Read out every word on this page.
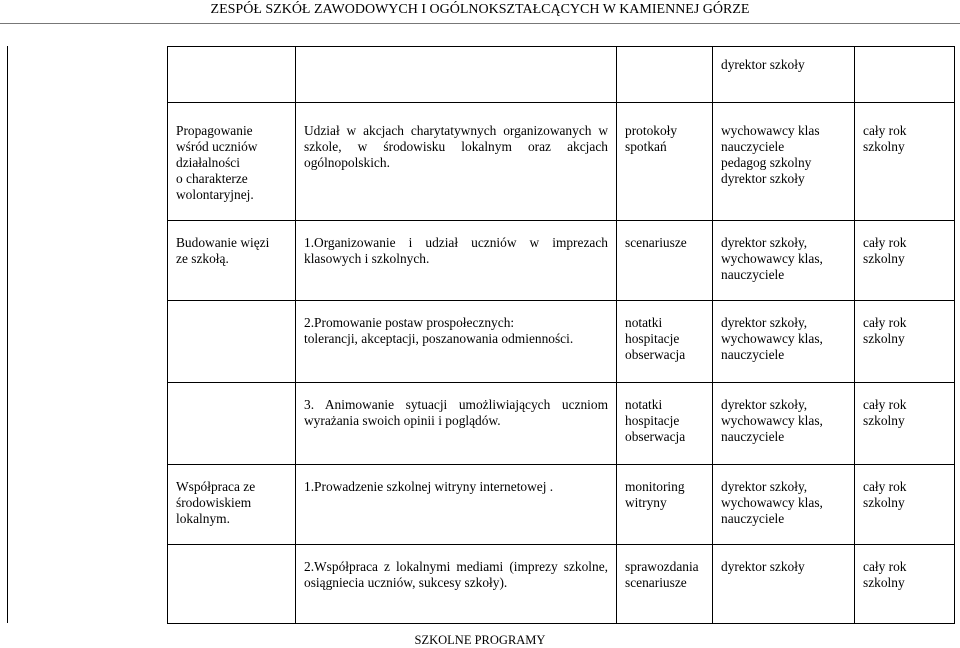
ZESPÓŁ SZKÓŁ ZAWODOWYCH I OGÓLNOKSZTAŁCĄCYCH W KAMIENNEJ GÓRZE

			dyrektor szkoły	

Propagowanie
wśród uczniów
działalności
o charakterze
wolontaryjnej.	Udział w akcjach charytatywnych organizowanych w szkole, w środowisku lokalnym oraz akcjach ogólnopolskich.	protokoły
spotkań	wychowawcy klas
nauczyciele
pedagog szkolny
dyrektor szkoły	cały rok
szkolny

Budowanie więzi
ze szkołą.	1.Organizowanie i udział uczniów w imprezach klasowych i szkolnych.	scenariusze	dyrektor szkoły,
wychowawcy klas,
nauczyciele	cały rok
szkolny

	2.Promowanie postaw prospołecznych:
tolerancji, akceptacji, poszanowania odmienności.	notatki
hospitacje
obserwacja	dyrektor szkoły,
wychowawcy klas,
nauczyciele	cały rok
szkolny

	3. Animowanie sytuacji umożliwiających uczniom wyrażania swoich opinii i poglądów.	notatki
hospitacje
obserwacja	dyrektor szkoły,
wychowawcy klas,
nauczyciele	cały rok
szkolny

Współpraca ze
środowiskiem
lokalnym.	1.Prowadzenie szkolnej witryny internetowej .	monitoring
witryny	dyrektor szkoły,
wychowawcy klas,
nauczyciele	cały rok
szkolny

	2.Współpraca z lokalnymi mediami (imprezy szkolne, osiągniecia uczniów, sukcesy szkoły).	sprawozdania
scenariusze	dyrektor szkoły	cały rok
szkolny
SZKOLNE PROGRAMY
